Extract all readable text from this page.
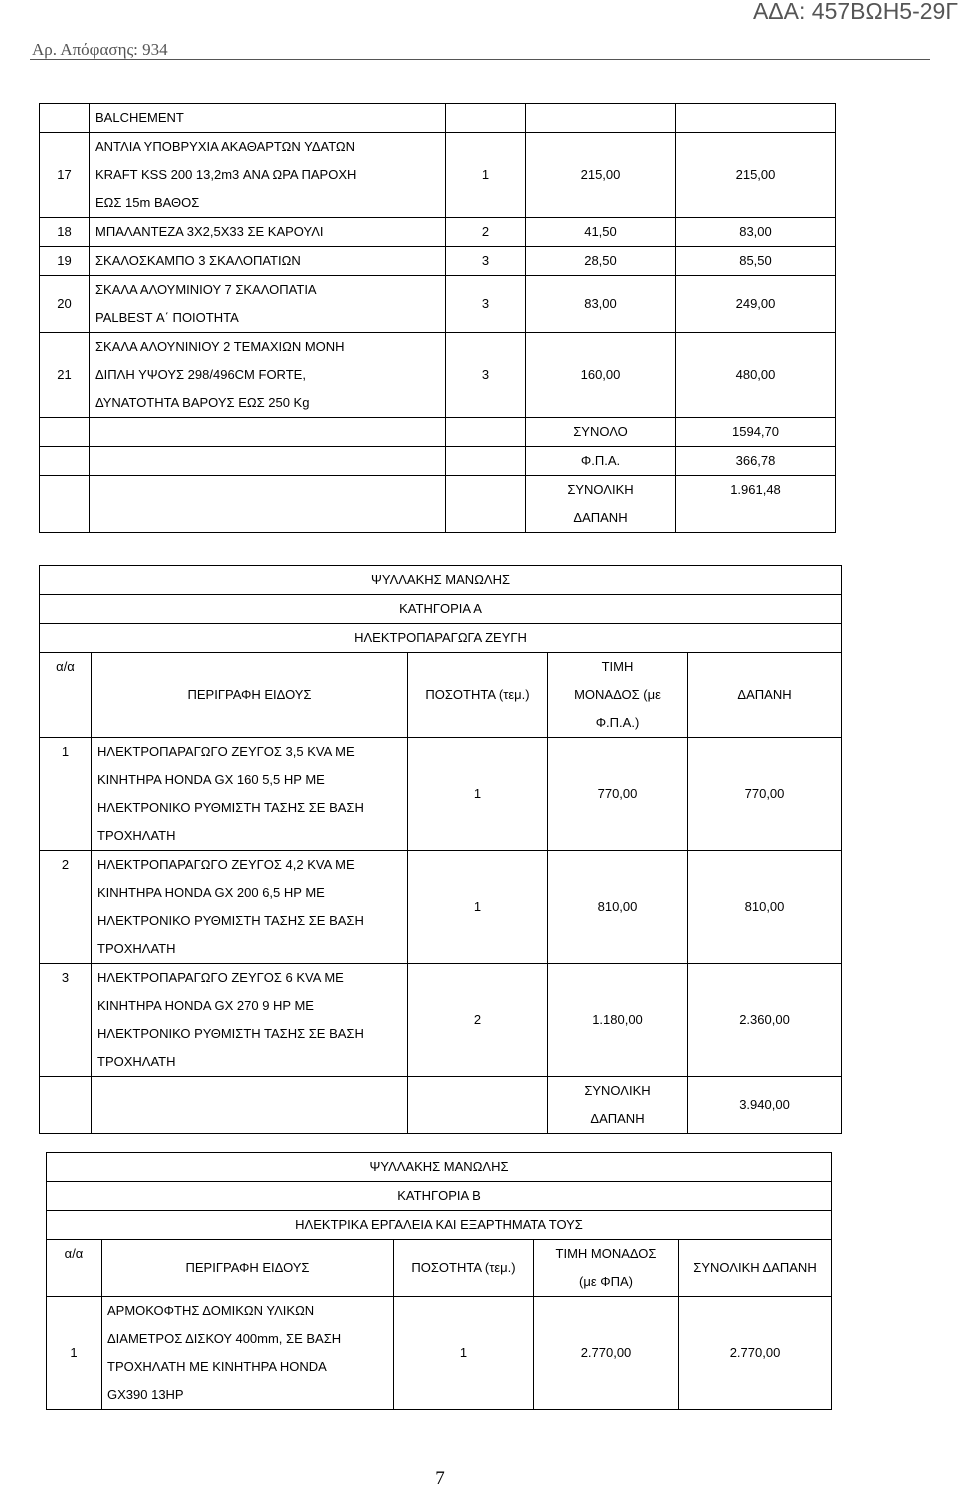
ΑΔΑ: 457ΒΩΗ5-29Γ
Αρ. Απόφασης: 934

	BALCHEMENT			

17	ΑΝΤΛΙΑ ΥΠΟΒΡΥΧΙΑ ΑΚΑΘΑΡΤΩΝ ΥΔΑΤΩΝ
KRAFT KSS 200 13,2m3 ΑΝΑ ΩΡΑ ΠΑΡΟΧΗ
ΕΩΣ 15m ΒΑΘΟΣ	1	215,00	215,00
18	ΜΠΑΛΑΝΤΕΖΑ 3Χ2,5Χ33 ΣΕ ΚΑΡΟΥΛΙ	2	41,50	83,00
19	ΣΚΑΛΟΣΚΑΜΠΟ 3 ΣΚΑΛΟΠΑΤΙΩΝ	3	28,50	85,50
20	ΣΚΑΛΑ ΑΛΟΥΜΙΝΙΟΥ 7 ΣΚΑΛΟΠΑΤΙΑ
PALBEST Α΄ ΠΟΙΟΤΗΤΑ	3	83,00	249,00
21	ΣΚΑΛΑ ΑΛΟΥΝΙΝΙΟΥ 2 ΤΕΜΑΧΙΩΝ ΜΟΝΗ
ΔΙΠΛΗ ΥΨΟΥΣ 298/496CM FORTE,
ΔΥΝΑΤΟΤΗΤΑ ΒΑΡΟΥΣ ΕΩΣ 250 Kg	3	160,00	480,00

			ΣΥΝΟΛΟ	1594,70

			Φ.Π.Α.	366,78

			ΣΥΝΟΛΙΚΗ
ΔΑΠΑΝΗ	1.961,48
ΨΥΛΛΑΚΗΣ ΜΑΝΩΛΗΣ				
ΚΑΤΗΓΟΡΙΑ Α				
ΗΛΕΚΤΡΟΠΑΡΑΓΩΓΑ ΖΕΥΓΗ				
α/α	ΠΕΡΙΓΡΑΦΗ ΕΙΔΟΥΣ	ΠΟΣΟΤΗΤΑ (τεμ.)	ΤΙΜΗ
ΜΟΝΑΔΟΣ (με
Φ.Π.Α.)	ΔΑΠΑΝΗ
1	ΗΛΕΚΤΡΟΠΑΡΑΓΩΓΟ ΖΕΥΓΟΣ 3,5 KVA ΜΕ
ΚΙΝΗΤΗΡΑ HONDA GX 160 5,5 HP ΜΕ
ΗΛΕΚΤΡΟΝΙΚΟ ΡΥΘΜΙΣΤΗ ΤΑΣΗΣ ΣΕ ΒΑΣΗ
ΤΡΟΧΗΛΑΤΗ	1	770,00	770,00
2	ΗΛΕΚΤΡΟΠΑΡΑΓΩΓΟ ΖΕΥΓΟΣ 4,2 KVA ΜΕ
ΚΙΝΗΤΗΡΑ HONDA GX 200 6,5 HP ΜΕ
ΗΛΕΚΤΡΟΝΙΚΟ ΡΥΘΜΙΣΤΗ ΤΑΣΗΣ ΣΕ ΒΑΣΗ
ΤΡΟΧΗΛΑΤΗ	1	810,00	810,00
3	ΗΛΕΚΤΡΟΠΑΡΑΓΩΓΟ ΖΕΥΓΟΣ 6 KVA ΜΕ
ΚΙΝΗΤΗΡΑ HONDA GX 270 9 HP ΜΕ
ΗΛΕΚΤΡΟΝΙΚΟ ΡΥΘΜΙΣΤΗ ΤΑΣΗΣ ΣΕ ΒΑΣΗ
ΤΡΟΧΗΛΑΤΗ	2	1.180,00	2.360,00

			ΣΥΝΟΛΙΚΗ
ΔΑΠΑΝΗ	3.940,00
ΨΥΛΛΑΚΗΣ ΜΑΝΩΛΗΣ				
ΚΑΤΗΓΟΡΙΑ Β				
ΗΛΕΚΤΡΙΚΑ ΕΡΓΑΛΕΙΑ ΚΑΙ ΕΞΑΡΤΗΜΑΤΑ ΤΟΥΣ				
α/α	ΠΕΡΙΓΡΑΦΗ ΕΙΔΟΥΣ	ΠΟΣΟΤΗΤΑ (τεμ.)	ΤΙΜΗ ΜΟΝΑΔΟΣ
(με ΦΠΑ)	ΣΥΝΟΛΙΚΗ ΔΑΠΑΝΗ
1	ΑΡΜΟΚΟΦΤΗΣ ΔΟΜΙΚΩΝ ΥΛΙΚΩΝ
ΔΙΑΜΕΤΡΟΣ ΔΙΣΚΟΥ 400mm, ΣΕ ΒΑΣΗ
ΤΡΟΧΗΛΑΤΗ ΜΕ ΚΙΝΗΤΗΡΑ HONDA
GX390 13HP	1	2.770,00	2.770,00
7
